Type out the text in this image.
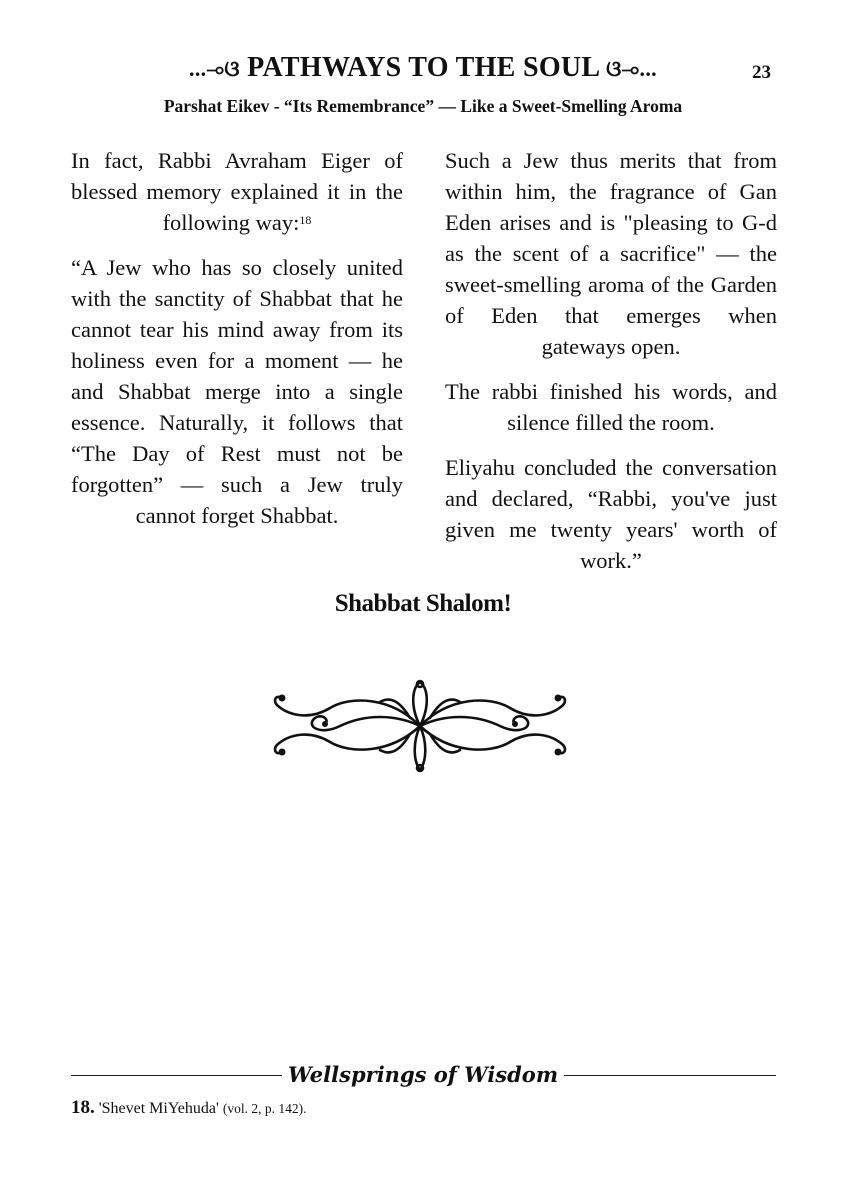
...⊸ଓ PATHWAYS TO THE SOUL ଓ⊸...	23
Parshat Eikev - “Its Remembrance” — Like a Sweet-Smelling Aroma

In fact, Rabbi Avraham Eiger of blessed memory explained it in the following way:$^{18}$

“A Jew who has so closely united with the sanctity of Shabbat that he cannot tear his mind away from its holiness even for a moment — he and Shabbat merge into a single essence. Naturally, it follows that “The Day of Rest must not be forgotten” — such a Jew truly cannot forget Shabbat.

Such a Jew thus merits that from within him, the fragrance of Gan Eden arises and is "pleasing to G-d as the scent of a sacrifice" — the sweet-smelling aroma of the Garden of Eden that emerges when gateways open.

The rabbi finished his words, and silence filled the room.

Eliyahu concluded the conversation and declared, “Rabbi, you've just given me twenty years' worth of work.”

Shabbat Shalom!
Wellsprings of Wisdom
18. 'Shevet MiYehuda' (vol. 2, p. 142).
